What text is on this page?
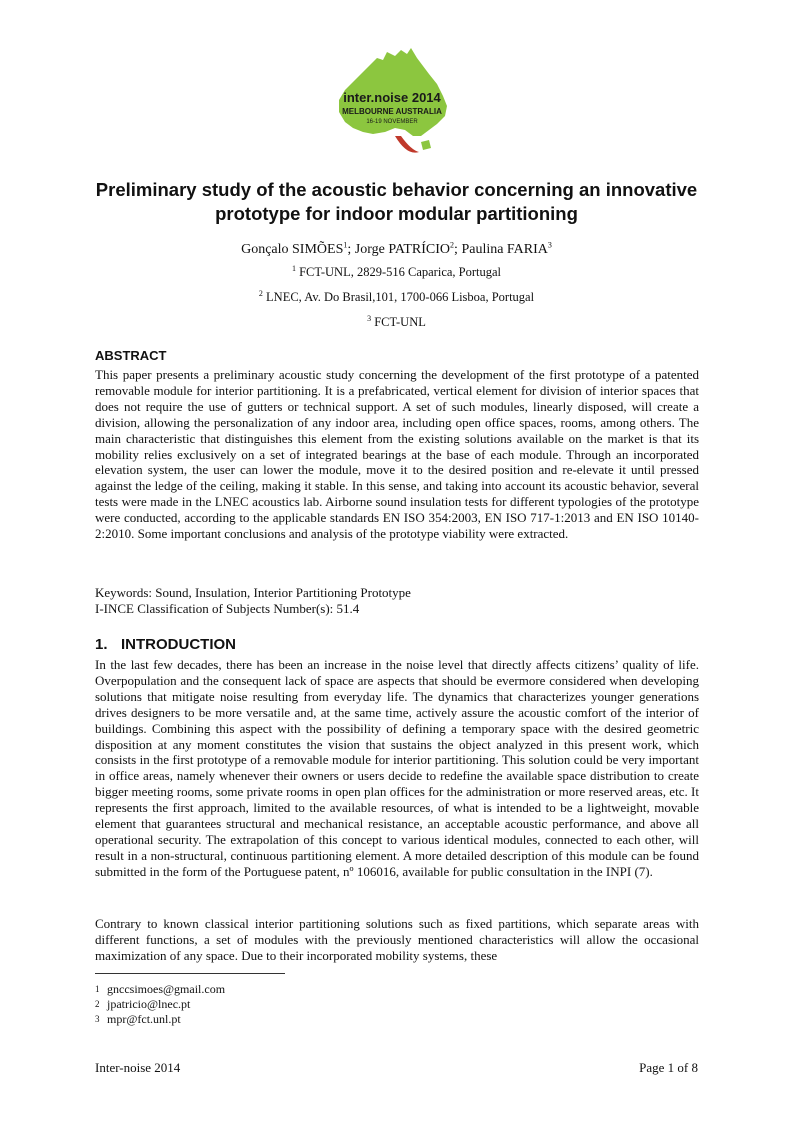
inter.noise 2014
MELBOURNE AUSTRALIA
16-19 NOVEMBER
Preliminary study of the acoustic behavior concerning an innovative prototype for indoor modular partitioning
Gonçalo SIMÕES$^1$; Jorge PATRÍCIO$^2$; Paulina FARIA$^3$
$^1$ FCT-UNL, 2829-516 Caparica, Portugal
$^2$ LNEC, Av. Do Brasil,101, 1700-066 Lisboa, Portugal
$^3$ FCT-UNL
ABSTRACT

This paper presents a preliminary acoustic study concerning the development of the first prototype of a patented removable module for interior partitioning. It is a prefabricated, vertical element for division of interior spaces that does not require the use of gutters or technical support. A set of such modules, linearly disposed, will create a division, allowing the personalization of any indoor area, including open office spaces, rooms, among others. The main characteristic that distinguishes this element from the existing solutions available on the market is that its mobility relies exclusively on a set of integrated bearings at the base of each module. Through an incorporated elevation system, the user can lower the module, move it to the desired position and re-elevate it until pressed against the ledge of the ceiling, making it stable. In this sense, and taking into account its acoustic behavior, several tests were made in the LNEC acoustics lab. Airborne sound insulation tests for different typologies of the prototype were conducted, according to the applicable standards EN ISO 354:2003, EN ISO 717-1:2013 and EN ISO 10140-2:2010. Some important conclusions and analysis of the prototype viability were extracted.

Keywords: Sound, Insulation, Interior Partitioning Prototype

I-INCE Classification of Subjects Number(s): 51.4

1. INTRODUCTION

In the last few decades, there has been an increase in the noise level that directly affects citizens’ quality of life. Overpopulation and the consequent lack of space are aspects that should be evermore considered when developing solutions that mitigate noise resulting from everyday life. The dynamics that characterizes younger generations drives designers to be more versatile and, at the same time, actively assure the acoustic comfort of the interior of buildings. Combining this aspect with the possibility of defining a temporary space with the desired geometric disposition at any moment constitutes the vision that sustains the object analyzed in this present work, which consists in the first prototype of a removable module for interior partitioning. This solution could be very important in office areas, namely whenever their owners or users decide to redefine the available space distribution to create bigger meeting rooms, some private rooms in open plan offices for the administration or more reserved areas, etc. It represents the first approach, limited to the available resources, of what is intended to be a lightweight, movable element that guarantees structural and mechanical resistance, an acceptable acoustic performance, and above all operational security. The extrapolation of this concept to various identical modules, connected to each other, will result in a non-structural, continuous partitioning element. A more detailed description of this module can be found submitted in the form of the Portuguese patent, nº 106016, available for public consultation in the INPI (7).

Contrary to known classical interior partitioning solutions such as fixed partitions, which separate areas with different functions, a set of modules with the previously mentioned characteristics will allow the occasional maximization of any space. Due to their incorporated mobility systems, these

1 gnccsimoes@gmail.com
2 jpatricio@lnec.pt
3 mpr@fct.unl.pt
Inter-noise 2014	Page 1 of 8
